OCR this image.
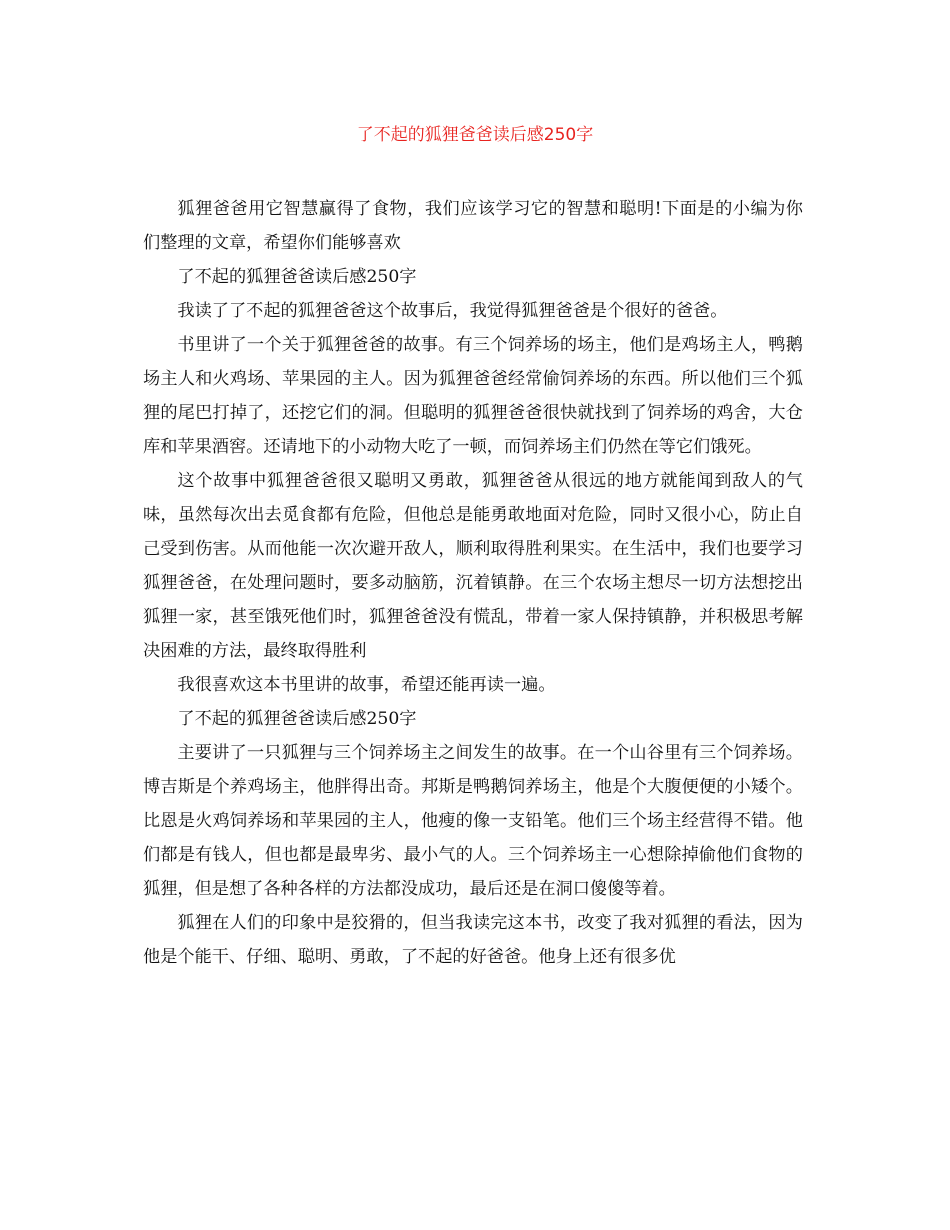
了不起的狐狸爸爸读后感250字

狐狸爸爸用它智慧赢得了食物，我们应该学习它的智慧和聪明!下面是的小编为你们整理的文章，希望你们能够喜欢

了不起的狐狸爸爸读后感250字

我读了了不起的狐狸爸爸这个故事后，我觉得狐狸爸爸是个很好的爸爸。

书里讲了一个关于狐狸爸爸的故事。有三个饲养场的场主，他们是鸡场主人，鸭鹅场主人和火鸡场、苹果园的主人。因为狐狸爸爸经常偷饲养场的东西。所以他们三个狐狸的尾巴打掉了，还挖它们的洞。但聪明的狐狸爸爸很快就找到了饲养场的鸡舍，大仓库和苹果酒窖。还请地下的小动物大吃了一顿，而饲养场主们仍然在等它们饿死。

这个故事中狐狸爸爸很又聪明又勇敢，狐狸爸爸从很远的地方就能闻到敌人的气味，虽然每次出去觅食都有危险，但他总是能勇敢地面对危险，同时又很小心，防止自己受到伤害。从而他能一次次避开敌人，顺利取得胜利果实。在生活中，我们也要学习狐狸爸爸，在处理问题时，要多动脑筋，沉着镇静。在三个农场主想尽一切方法想挖出狐狸一家，甚至饿死他们时，狐狸爸爸没有慌乱，带着一家人保持镇静，并积极思考解决困难的方法，最终取得胜利

我很喜欢这本书里讲的故事，希望还能再读一遍。

了不起的狐狸爸爸读后感250字

主要讲了一只狐狸与三个饲养场主之间发生的故事。在一个山谷里有三个饲养场。博吉斯是个养鸡场主，他胖得出奇。邦斯是鸭鹅饲养场主，他是个大腹便便的小矮个。比恩是火鸡饲养场和苹果园的主人，他瘦的像一支铅笔。他们三个场主经营得不错。他们都是有钱人，但也都是最卑劣、最小气的人。三个饲养场主一心想除掉偷他们食物的狐狸，但是想了各种各样的方法都没成功，最后还是在洞口傻傻等着。

狐狸在人们的印象中是狡猾的，但当我读完这本书，改变了我对狐狸的看法，因为他是个能干、仔细、聪明、勇敢，了不起的好爸爸。他身上还有很多优
